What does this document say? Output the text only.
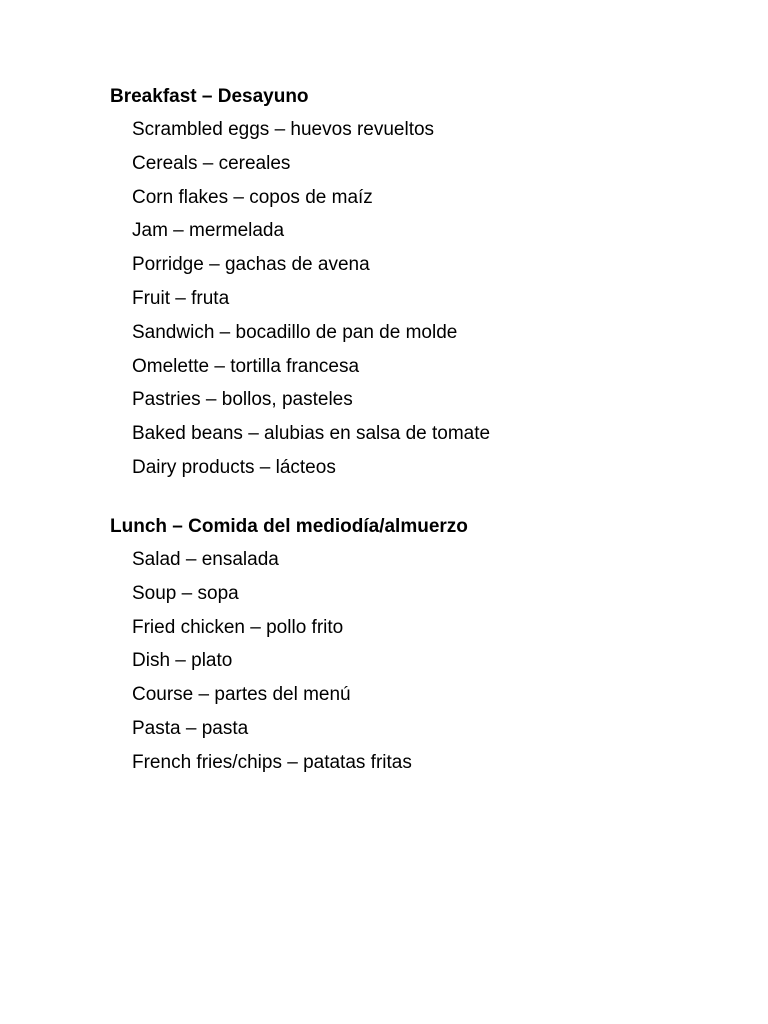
Breakfast – Desayuno
Scrambled eggs – huevos revueltos
Cereals – cereales
Corn flakes – copos de maíz
Jam – mermelada
Porridge – gachas de avena
Fruit – fruta
Sandwich – bocadillo de pan de molde
Omelette – tortilla francesa
Pastries – bollos, pasteles
Baked beans – alubias en salsa de tomate
Dairy products – lácteos
Lunch – Comida del mediodía/almuerzo
Salad – ensalada
Soup – sopa
Fried chicken – pollo frito
Dish – plato
Course – partes del menú
Pasta – pasta
French fries/chips – patatas fritas
